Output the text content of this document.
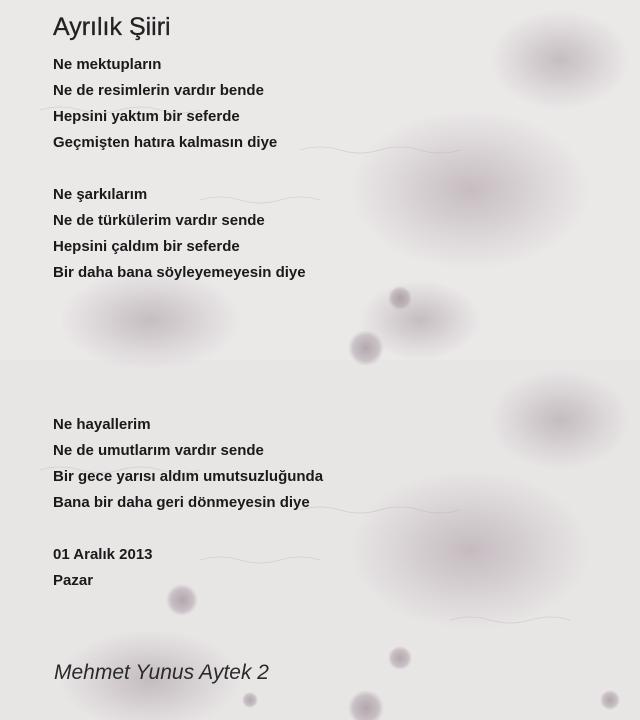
Ayrılık Şiiri
Ne mektupların
Ne de resimlerin vardır bende
Hepsini yaktım bir seferde
Geçmişten hatıra kalmasın diye
Ne şarkılarım
Ne de türkülerim vardır sende
Hepsini çaldım bir seferde
Bir daha bana söyleyemeyesin diye
Ne hayallerim
Ne de umutlarım vardır sende
Bir gece yarısı aldım umutsuzluğunda
Bana bir daha geri dönmeyesin diye
01 Aralık 2013
Pazar
Mehmet Yunus Aytek 2
